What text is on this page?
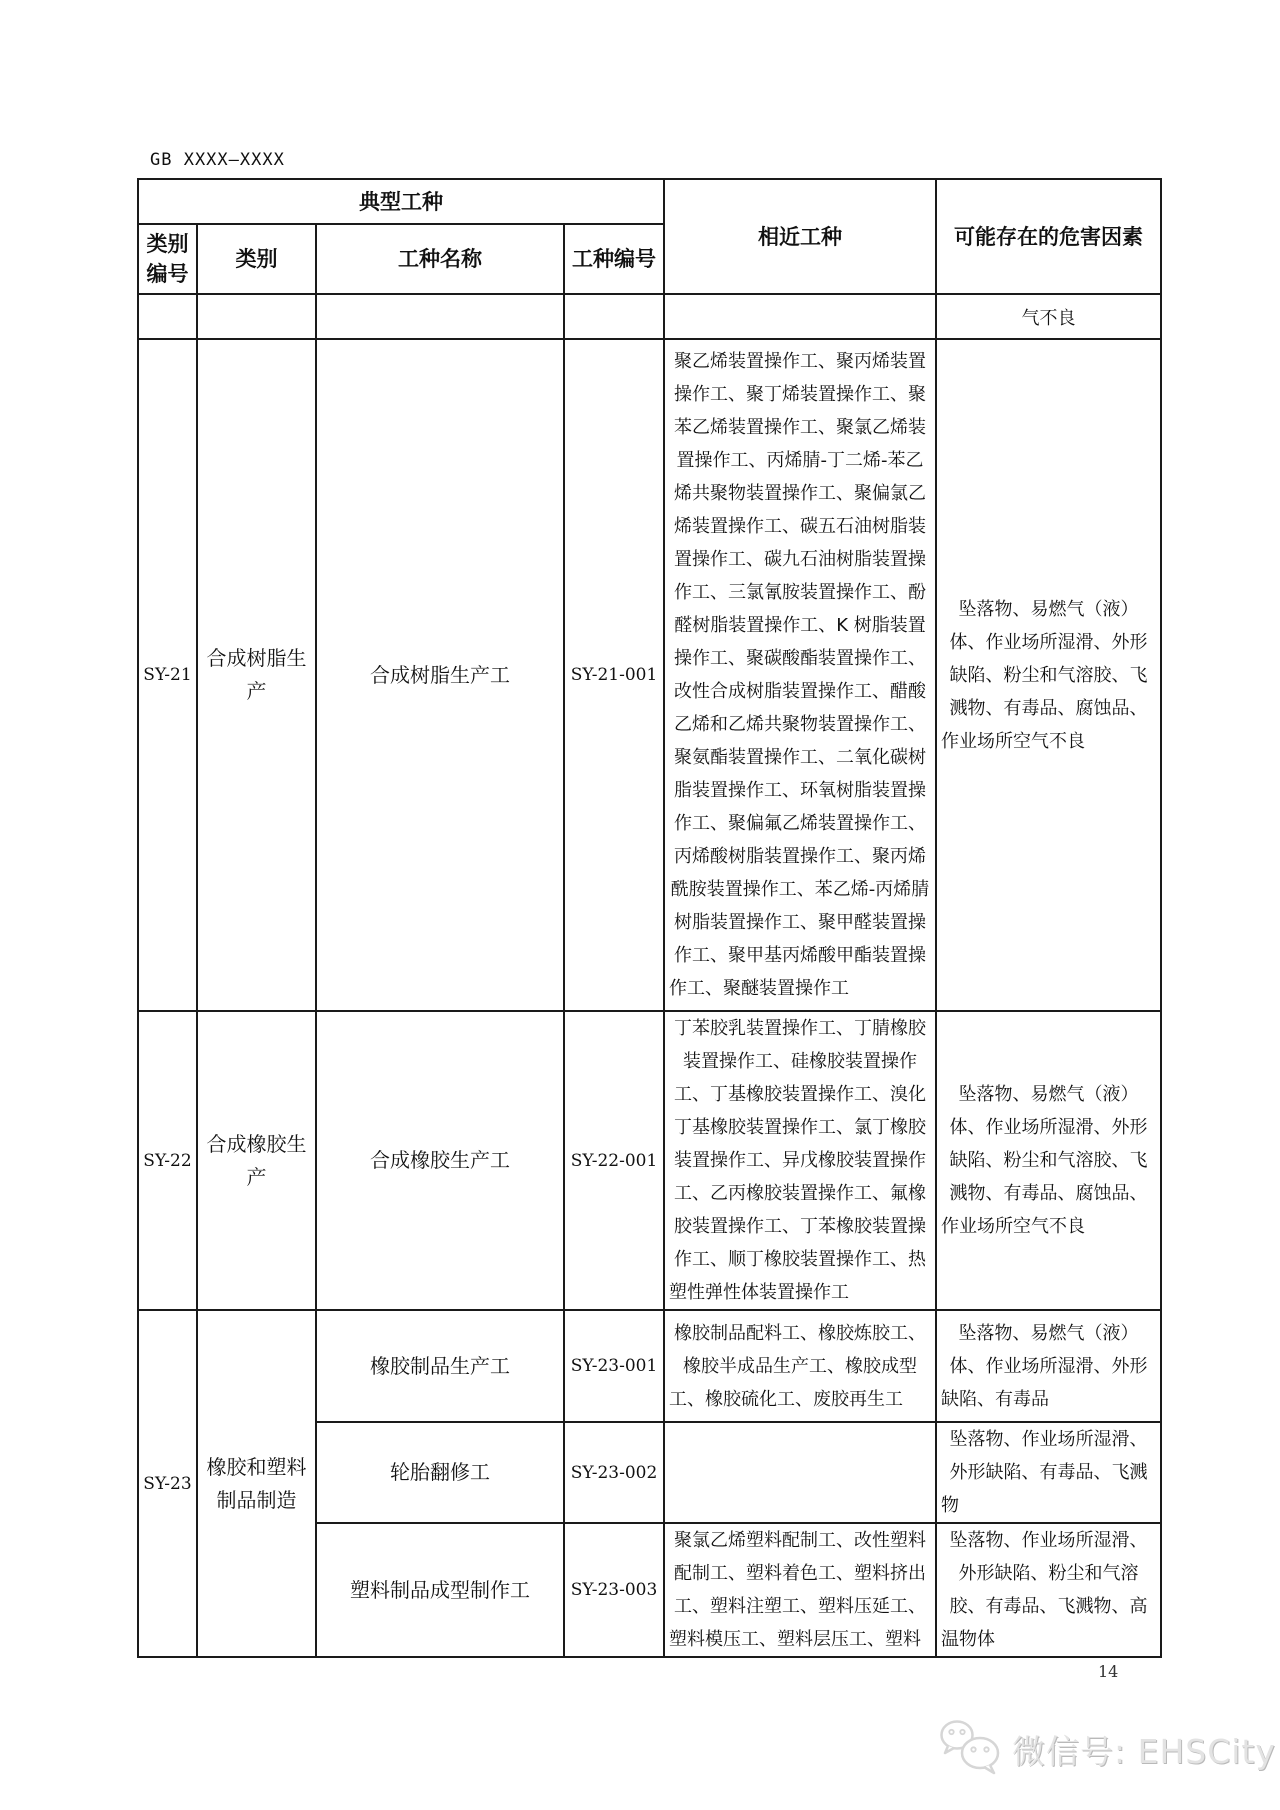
GB XXXX—XXXX
典型工种				相近工种	可能存在的危害因素
类别编号	类别	工种名称	工种编号		
					气不良
SY-21	合成树脂生产	合成树脂生产工	SY-21-001	聚乙烯装置操作工、聚丙烯装置操作工、聚丁烯装置操作工、聚苯乙烯装置操作工、聚氯乙烯装置操作工、丙烯腈-丁二烯-苯乙烯共聚物装置操作工、聚偏氯乙烯装置操作工、碳五石油树脂装置操作工、碳九石油树脂装置操作工、三氯氰胺装置操作工、酚醛树脂装置操作工、K 树脂装置操作工、聚碳酸酯装置操作工、改性合成树脂装置操作工、醋酸乙烯和乙烯共聚物装置操作工、聚氨酯装置操作工、二氧化碳树脂装置操作工、环氧树脂装置操作工、聚偏氟乙烯装置操作工、丙烯酸树脂装置操作工、聚丙烯酰胺装置操作工、苯乙烯-丙烯腈树脂装置操作工、聚甲醛装置操作工、聚甲基丙烯酸甲酯装置操作工、聚醚装置操作工	坠落物、易燃气（液）体、作业场所湿滑、外形缺陷、粉尘和气溶胶、飞溅物、有毒品、腐蚀品、作业场所空气不良
SY-22	合成橡胶生产	合成橡胶生产工	SY-22-001	丁苯胶乳装置操作工、丁腈橡胶装置操作工、硅橡胶装置操作工、丁基橡胶装置操作工、溴化丁基橡胶装置操作工、氯丁橡胶装置操作工、异戊橡胶装置操作工、乙丙橡胶装置操作工、氟橡胶装置操作工、丁苯橡胶装置操作工、顺丁橡胶装置操作工、热塑性弹性体装置操作工	坠落物、易燃气（液）体、作业场所湿滑、外形缺陷、粉尘和气溶胶、飞溅物、有毒品、腐蚀品、作业场所空气不良
SY-23	橡胶和塑料制品制造	橡胶制品生产工	SY-23-001	橡胶制品配料工、橡胶炼胶工、橡胶半成品生产工、橡胶成型工、橡胶硫化工、废胶再生工	坠落物、易燃气（液）体、作业场所湿滑、外形缺陷、有毒品
		轮胎翻修工	SY-23-002		坠落物、作业场所湿滑、外形缺陷、有毒品、飞溅物
		塑料制品成型制作工	SY-23-003	聚氯乙烯塑料配制工、改性塑料配制工、塑料着色工、塑料挤出工、塑料注塑工、塑料压延工、塑料模压工、塑料层压工、塑料	坠落物、作业场所湿滑、外形缺陷、粉尘和气溶胶、有毒品、飞溅物、高温物体
14
微信号: EHSCity
